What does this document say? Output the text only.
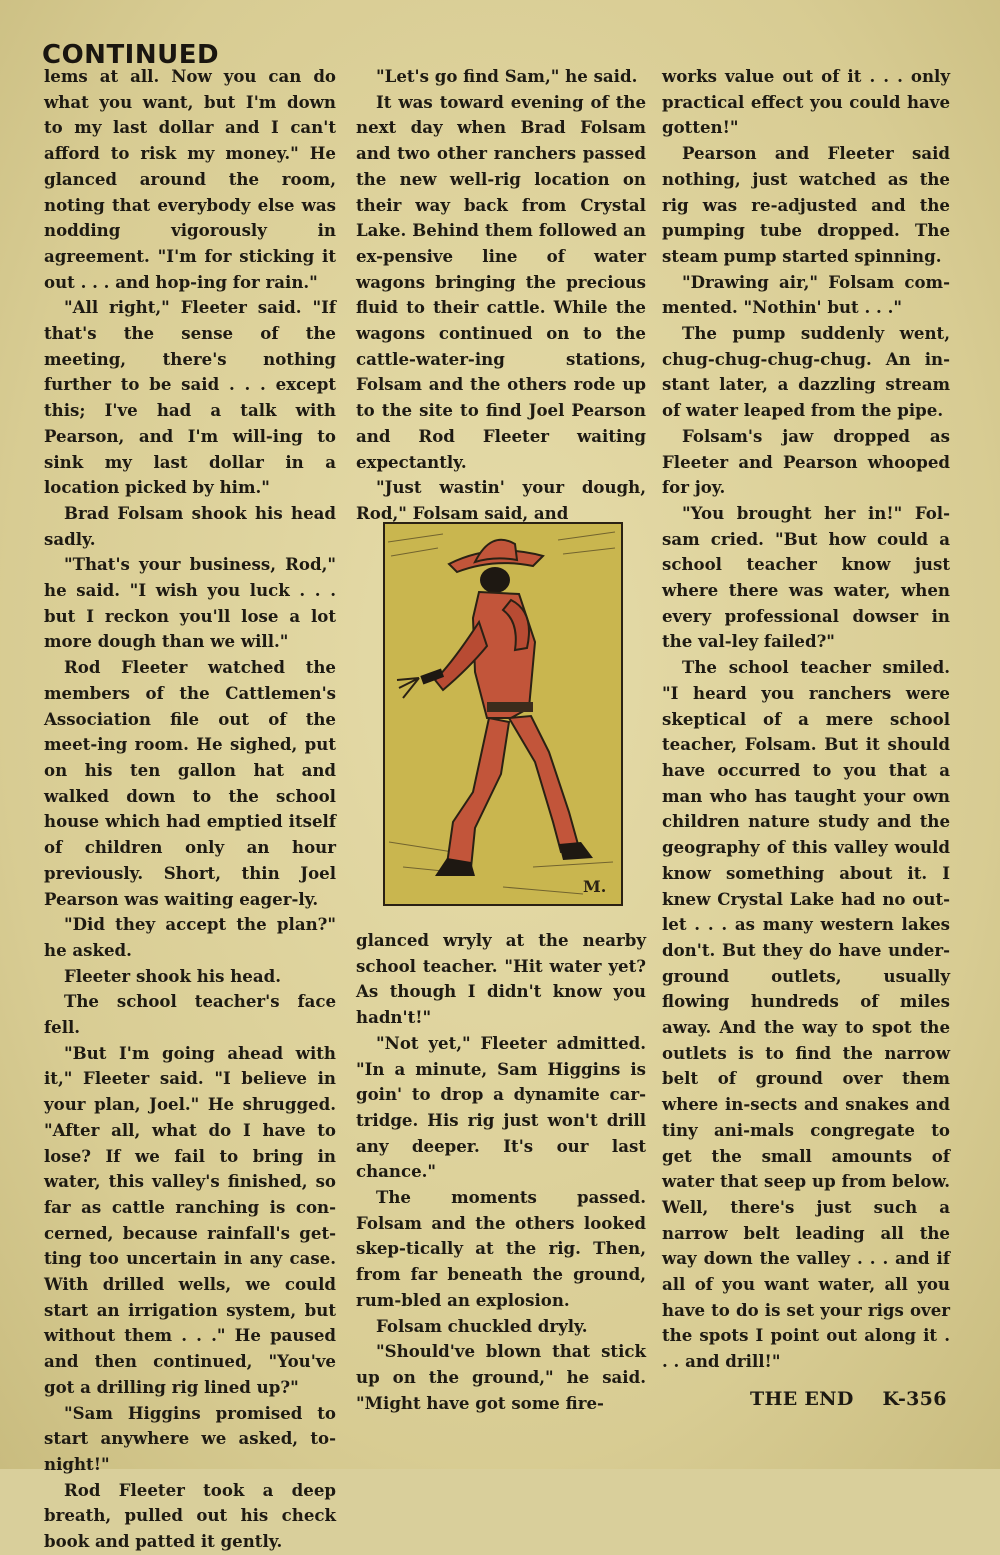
CONTINUED

lems at all. Now you can do what you want, but I'm down to my last dollar and I can't afford to risk my money." He glanced around the room, noting that everybody else was nodding vigorously in agreement. "I'm for sticking it out . . . and hop-ing for rain."

"All right," Fleeter said. "If that's the sense of the meeting, there's nothing further to be said . . . except this; I've had a talk with Pearson, and I'm will-ing to sink my last dollar in a location picked by him."

Brad Folsam shook his head sadly.

"That's your business, Rod," he said. "I wish you luck . . . but I reckon you'll lose a lot more dough than we will."

Rod Fleeter watched the members of the Cattlemen's Association file out of the meet-ing room. He sighed, put on his ten gallon hat and walked down to the school house which had emptied itself of children only an hour previously. Short, thin Joel Pearson was waiting eager-ly.

"Did they accept the plan?" he asked.

Fleeter shook his head.

The school teacher's face fell.

"But I'm going ahead with it," Fleeter said. "I believe in your plan, Joel." He shrugged. "After all, what do I have to lose? If we fail to bring in water, this valley's finished, so far as cattle ranching is con-cerned, because rainfall's get-ting too uncertain in any case. With drilled wells, we could start an irrigation system, but without them . . ." He paused and then continued, "You've got a drilling rig lined up?"

"Sam Higgins promised to start anywhere we asked, to-night!"

Rod Fleeter took a deep breath, pulled out his check book and patted it gently.

"Let's go find Sam," he said.

It was toward evening of the next day when Brad Folsam and two other ranchers passed the new well-rig location on their way back from Crystal Lake. Behind them followed an ex-pensive line of water wagons bringing the precious fluid to their cattle. While the wagons continued on to the cattle-water-ing stations, Folsam and the others rode up to the site to find Joel Pearson and Rod Fleeter waiting expectantly.

"Just wastin' your dough, Rod," Folsam said, and

M.

glanced wryly at the nearby school teacher. "Hit water yet? As though I didn't know you hadn't!"

"Not yet," Fleeter admitted. "In a minute, Sam Higgins is goin' to drop a dynamite car-tridge. His rig just won't drill any deeper. It's our last chance."

The moments passed. Folsam and the others looked skep-tically at the rig. Then, from far beneath the ground, rum-bled an explosion.

Folsam chuckled dryly.

"Should've blown that stick up on the ground," he said. "Might have got some fire-

works value out of it . . . only practical effect you could have gotten!"

Pearson and Fleeter said nothing, just watched as the rig was re-adjusted and the pumping tube dropped. The steam pump started spinning.

"Drawing air," Folsam com-mented. "Nothin' but . . ."

The pump suddenly went, chug-chug-chug-chug. An in-stant later, a dazzling stream of water leaped from the pipe.

Folsam's jaw dropped as Fleeter and Pearson whooped for joy.

"You brought her in!" Fol-sam cried. "But how could a school teacher know just where there was water, when every professional dowser in the val-ley failed?"

The school teacher smiled. "I heard you ranchers were skeptical of a mere school teacher, Folsam. But it should have occurred to you that a man who has taught your own children nature study and the geography of this valley would know something about it. I knew Crystal Lake had no out-let . . . as many western lakes don't. But they do have under-ground outlets, usually flowing hundreds of miles away. And the way to spot the outlets is to find the narrow belt of ground over them where in-sects and snakes and tiny ani-mals congregate to get the small amounts of water that seep up from below. Well, there's just such a narrow belt leading all the way down the valley . . . and if all of you want water, all you have to do is set your rigs over the spots I point out along it . . . and drill!"

THE END K-356
